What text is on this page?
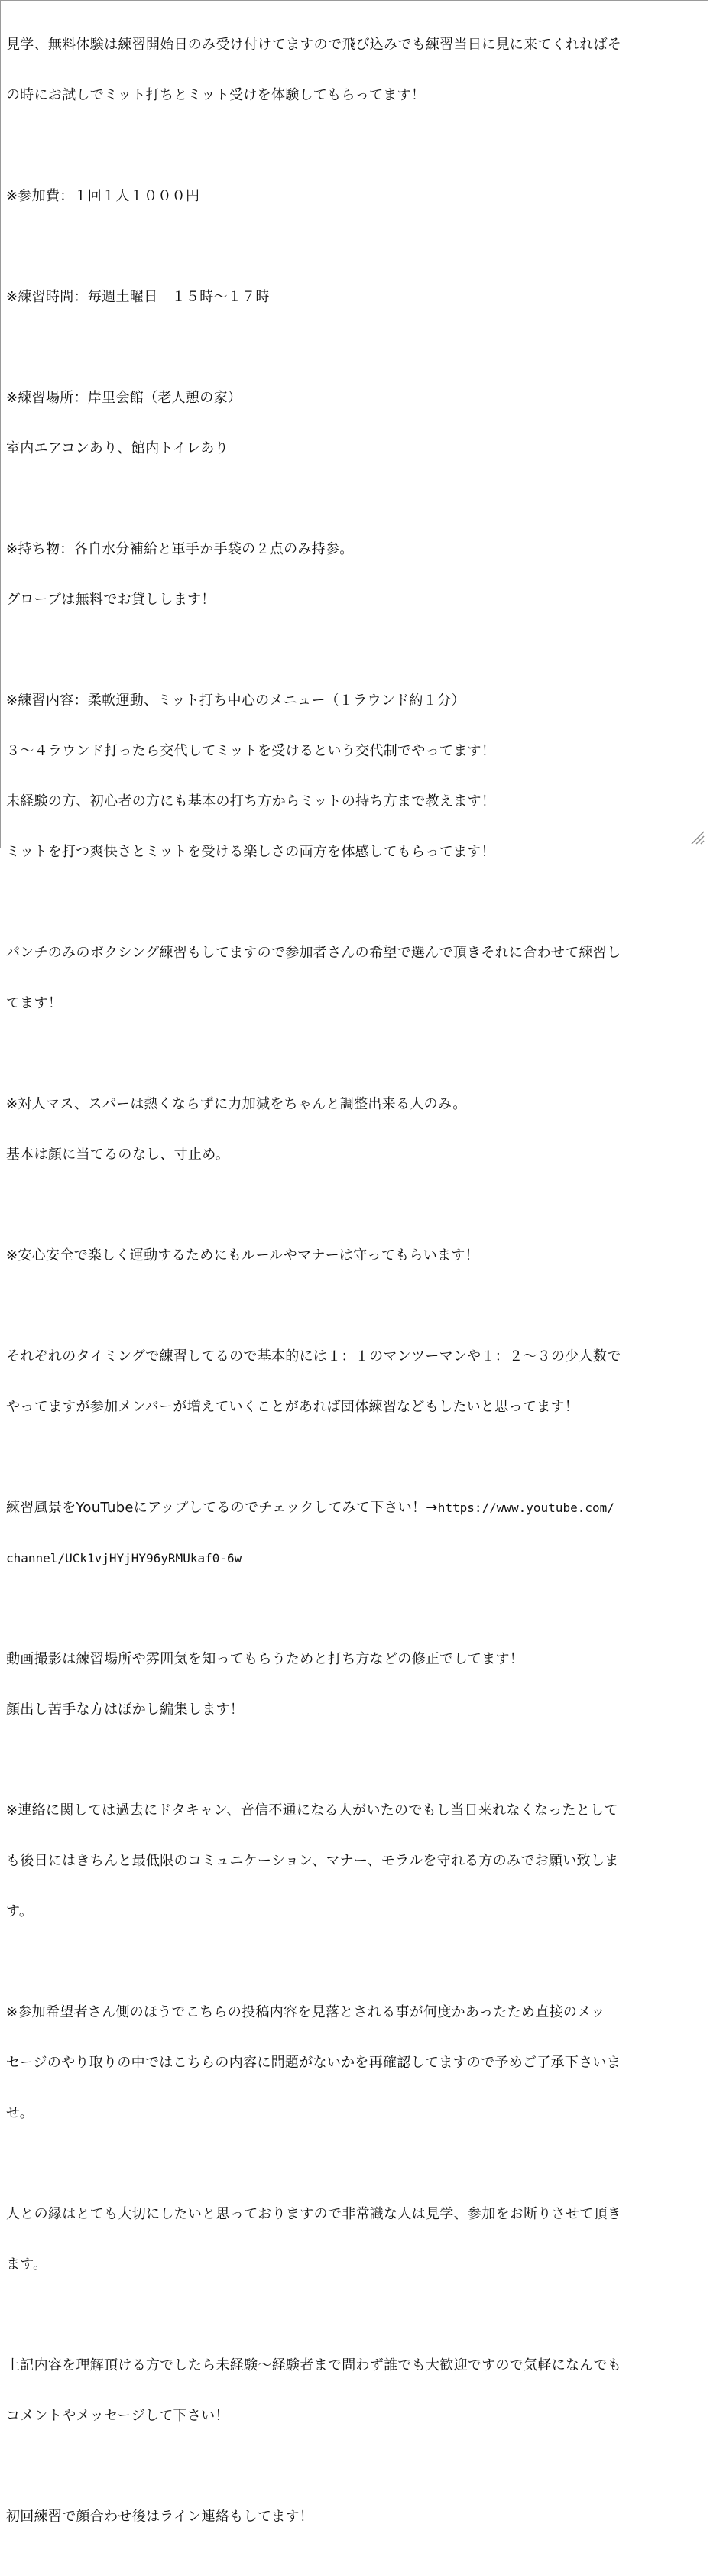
見学、無料体験は練習開始日のみ受け付けてますので飛び込みでも練習当日に見に来てくれればそ

の時にお試しでミット打ちとミット受けを体験してもらってます！

※参加費：１回１人１０００円

※練習時間：毎週土曜日　１５時〜１７時

※練習場所：岸里会館（老人憩の家）

室内エアコンあり、館内トイレあり

※持ち物：各自水分補給と軍手か手袋の２点のみ持参。

グローブは無料でお貸しします！

※練習内容：柔軟運動、ミット打ち中心のメニュー（１ラウンド約１分）

３〜４ラウンド打ったら交代してミットを受けるという交代制でやってます！

未経験の方、初心者の方にも基本の打ち方からミットの持ち方まで教えます！

ミットを打つ爽快さとミットを受ける楽しさの両方を体感してもらってます！

パンチのみのボクシング練習もしてますので参加者さんの希望で選んで頂きそれに合わせて練習し

てます！

※対人マス、スパーは熱くならずに力加減をちゃんと調整出来る人のみ。

基本は顔に当てるのなし、寸止め。

※安心安全で楽しく運動するためにもルールやマナーは守ってもらいます！

それぞれのタイミングで練習してるので基本的には１：１のマンツーマンや１：２〜３の少人数で

やってますが参加メンバーが増えていくことがあれば団体練習などもしたいと思ってます！

練習風景をYouTubeにアップしてるのでチェックしてみて下さい！→https://www.youtube.com/

channel/UCk1vjHYjHY96yRMUkaf0-6w

動画撮影は練習場所や雰囲気を知ってもらうためと打ち方などの修正でしてます！

顔出し苦手な方はぼかし編集します！

※連絡に関しては過去にドタキャン、音信不通になる人がいたのでもし当日来れなくなったとして

も後日にはきちんと最低限のコミュニケーション、マナー、モラルを守れる方のみでお願い致しま

す。

※参加希望者さん側のほうでこちらの投稿内容を見落とされる事が何度かあったため直接のメッ

セージのやり取りの中ではこちらの内容に問題がないかを再確認してますので予めご了承下さいま

せ。

人との縁はとても大切にしたいと思っておりますので非常識な人は見学、参加をお断りさせて頂き

ます。

上記内容を理解頂ける方でしたら未経験〜経験者まで問わず誰でも大歓迎ですので気軽になんでも

コメントやメッセージして下さい！

初回練習で顔合わせ後はライン連絡もしてます！
